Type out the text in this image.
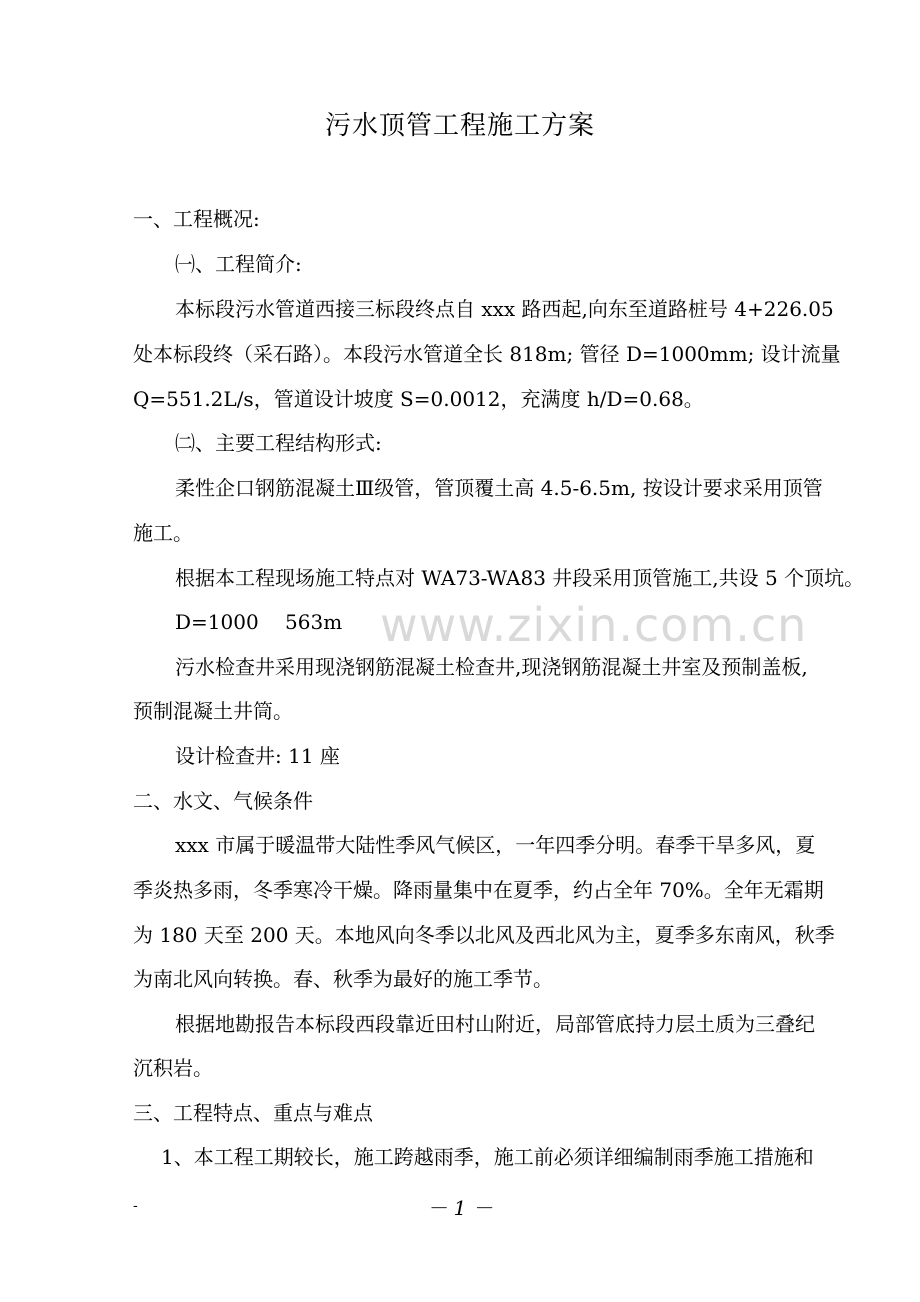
www.zixin.com.cn
污水顶管工程施工方案
一、工程概况:
㈠、工程简介:
本标段污水管道西接三标段终点自 xxx 路西起,向东至道路桩号 4+226.05
处本标段终（采石路）。本段污水管道全长 818m; 管径 D=1000mm; 设计流量
Q=551.2L/s，管道设计坡度 S=0.0012，充满度 h/D=0.68。
㈡、主要工程结构形式:
柔性企口钢筋混凝土Ⅲ级管，管顶覆土高 4.5-6.5m, 按设计要求采用顶管
施工。
根据本工程现场施工特点对 WA73-WA83 井段采用顶管施工,共设 5 个顶坑。
D=1000　 563m
污水检查井采用现浇钢筋混凝土检查井,现浇钢筋混凝土井室及预制盖板,
预制混凝土井筒。
设计检查井: 11 座
二、水文、气候条件
xxx 市属于暖温带大陆性季风气候区，一年四季分明。春季干旱多风，夏
季炎热多雨，冬季寒冷干燥。降雨量集中在夏季，约占全年 70%。全年无霜期
为 180 天至 200 天。本地风向冬季以北风及西北风为主，夏季多东南风，秋季
为南北风向转换。春、秋季为最好的施工季节。
根据地勘报告本标段西段靠近田村山附近，局部管底持力层土质为三叠纪
沉积岩。
三、工程特点、重点与难点
1、本工程工期较长，施工跨越雨季，施工前必须详细编制雨季施工措施和
-	－ 1 －
